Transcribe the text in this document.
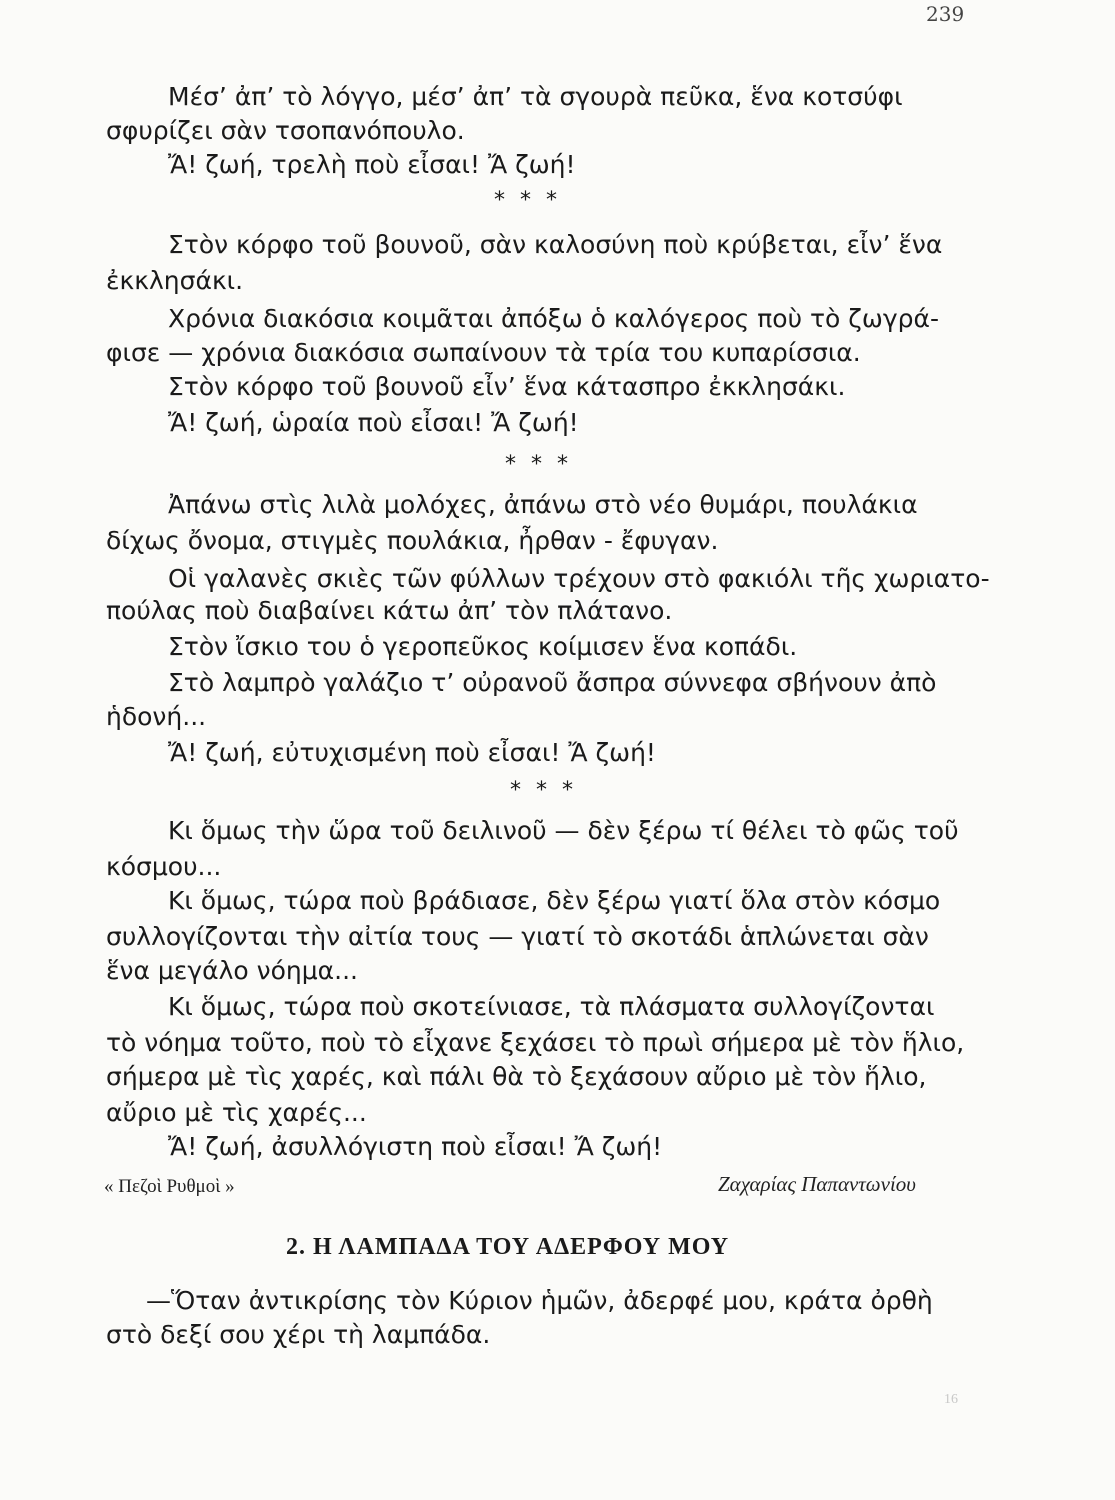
239
Μέσ’ ἀπ’ τὸ λόγγο, μέσ’ ἀπ’ τὰ σγουρὰ πεῦκα, ἕνα κοτσύφι
σφυρίζει σὰν τσοπανόπουλο.
Ἄ! ζωή, τρελὴ ποὺ εἶσαι! Ἄ ζωή!
* * *
Στὸν κόρφο τοῦ βουνοῦ, σὰν καλοσύνη ποὺ κρύβεται, εἶν’ ἕνα
ἐκκλησάκι.
Χρόνια διακόσια κοιμᾶται ἀπόξω ὁ καλόγερος ποὺ τὸ ζωγρά-
φισε — χρόνια διακόσια σωπαίνουν τὰ τρία του κυπαρίσσια.
Στὸν κόρφο τοῦ βουνοῦ εἶν’ ἕνα κάτασπρο ἐκκλησάκι.
Ἄ! ζωή, ὡραία ποὺ εἶσαι! Ἄ ζωή!
* * *
Ἀπάνω στὶς λιλὰ μολόχες, ἀπάνω στὸ νέο θυμάρι, πουλάκια
δίχως ὄνομα, στιγμὲς πουλάκια, ἦρθαν - ἔφυγαν.
Οἱ γαλανὲς σκιὲς τῶν φύλλων τρέχουν στὸ φακιόλι τῆς χωριατο-
πούλας ποὺ διαβαίνει κάτω ἀπ’ τὸν πλάτανο.
Στὸν ἴσκιο του ὁ γεροπεῦκος κοίμισεν ἕνα κοπάδι.
Στὸ λαμπρὸ γαλάζιο τ’ οὐρανοῦ ἄσπρα σύννεφα σβήνουν ἀπὸ
ἡδονή...
Ἄ! ζωή, εὐτυχισμένη ποὺ εἶσαι! Ἄ ζωή!
* * *
Κι ὅμως τὴν ὥρα τοῦ δειλινοῦ — δὲν ξέρω τί θέλει τὸ φῶς τοῦ
κόσμου...
Κι ὅμως, τώρα ποὺ βράδιασε, δὲν ξέρω γιατί ὅλα στὸν κόσμο
συλλογίζονται τὴν αἰτία τους — γιατί τὸ σκοτάδι ἁπλώνεται σὰν
ἕνα μεγάλο νόημα...
Κι ὅμως, τώρα ποὺ σκοτείνιασε, τὰ πλάσματα συλλογίζονται
τὸ νόημα τοῦτο, ποὺ τὸ εἶχανε ξεχάσει τὸ πρωὶ σήμερα μὲ τὸν ἥλιο,
σήμερα μὲ τὶς χαρές, καὶ πάλι θὰ τὸ ξεχάσουν αὔριο μὲ τὸν ἥλιο,
αὔριο μὲ τὶς χαρές...
Ἄ! ζωή, ἀσυλλόγιστη ποὺ εἶσαι! Ἄ ζωή!
« Πεζοὶ Ρυθμοὶ »	Ζαχαρίας Παπαντωνίου
2. Η ΛΑΜΠΑΔΑ ΤΟΥ ΑΔΕΡΦΟΥ ΜΟΥ
—Ὅταν ἀντικρίσης τὸν Κύριον ἡμῶν, ἀδερφέ μου, κράτα ὀρθὴ
στὸ δεξί σου χέρι τὴ λαμπάδα.
16
